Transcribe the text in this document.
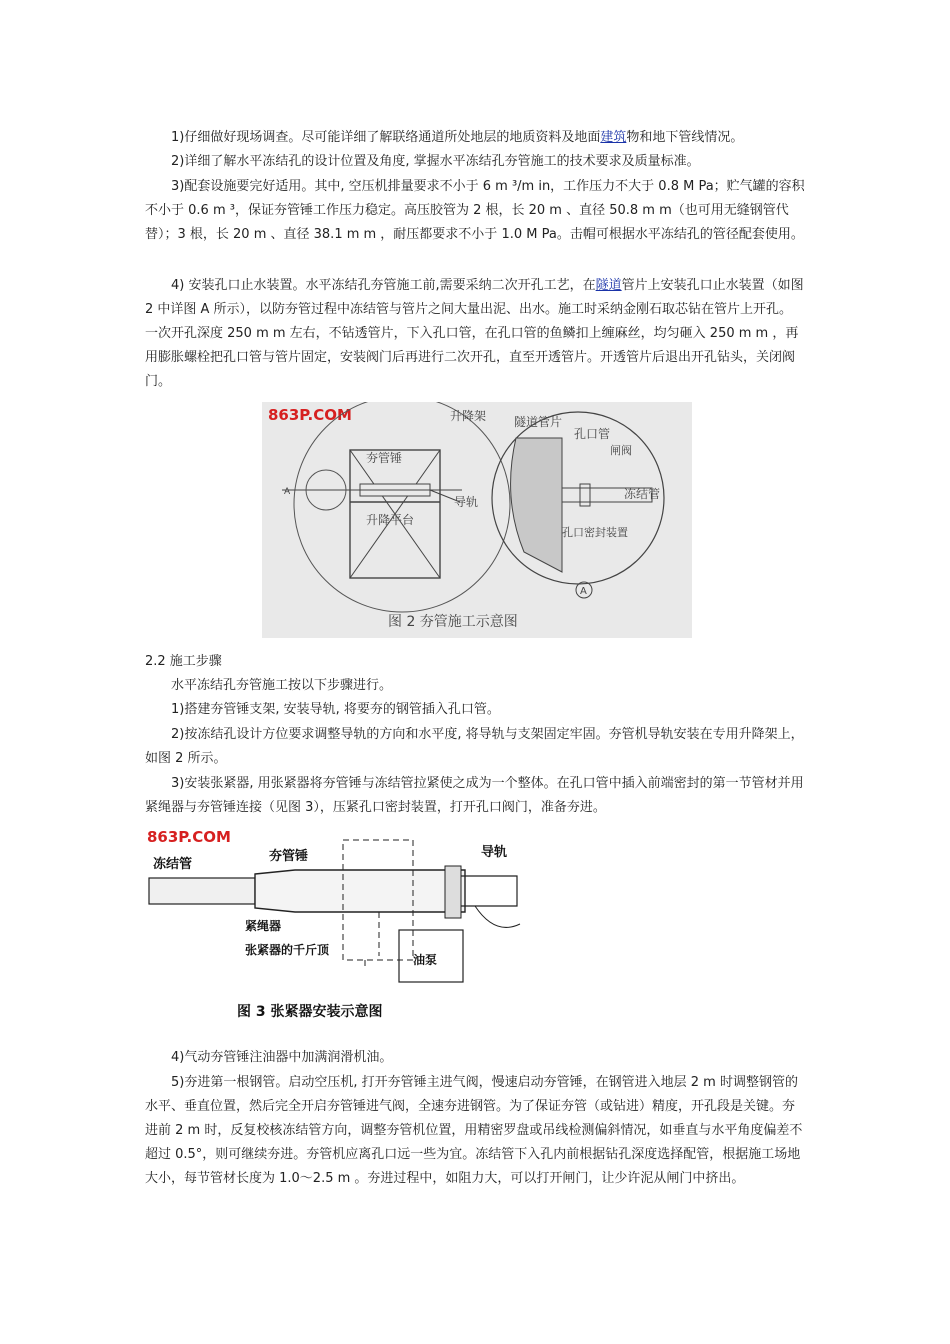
1)仔细做好现场调查。尽可能详细了解联络通道所处地层的地质资料及地面建筑物和地下管线情况。

2)详细了解水平冻结孔的设计位置及角度, 掌握水平冻结孔夯管施工的技术要求及质量标准。

3)配套设施要完好适用。其中, 空压机排量要求不小于 6 m ³/m in，工作压力不大于 0.8 M Pa；贮气罐的容积不小于 0.6 m ³，保证夯管锤工作压力稳定。高压胶管为 2 根，长 20 m 、直径 50.8 m m（也可用无缝钢管代替）；3 根，长 20 m 、直径 38.1 m m ，耐压都要求不小于 1.0 M Pa。击帽可根据水平冻结孔的管径配套使用。

4) 安装孔口止水装置。水平冻结孔夯管施工前,需要采纳二次开孔工艺，在隧道管片上安装孔口止水装置（如图 2 中详图 A 所示），以防夯管过程中冻结管与管片之间大量出泥、出水。施工时采纳金刚石取芯钻在管片上开孔。一次开孔深度 250 m m 左右，不钻透管片，下入孔口管，在孔口管的鱼鳞扣上缠麻丝，均匀砸入 250 m m ，再用膨胀螺栓把孔口管与管片固定，安装阀门后再进行二次开孔，直至开透管片。开透管片后退出开孔钻头，关闭阀门。

863P.COM
A
升降架
夯管锤
导轨
升降平台
隧道管片
孔口管
闸阀
冻结管
孔口密封装置
A
图 2 夯管施工示意图

2.2 施工步骤

水平冻结孔夯管施工按以下步骤进行。

1)搭建夯管锤支架, 安装导轨, 将要夯的钢管插入孔口管。

2)按冻结孔设计方位要求调整导轨的方向和水平度, 将导轨与支架固定牢固。夯管机导轨安装在专用升降架上，如图 2 所示。

3)安装张紧器, 用张紧器将夯管锤与冻结管拉紧使之成为一个整体。在孔口管中插入前端密封的第一节管材并用紧绳器与夯管锤连接（见图 3），压紧孔口密封装置，打开孔口阀门，准备夯进。

863P.COM
冻结管
夯管锤	导轨
紧绳器
张紧器的千斤顶
油泵
图 3 张紧器安装示意图

4)气动夯管锤注油器中加满润滑机油。

5)夯进第一根钢管。启动空压机, 打开夯管锤主进气阀，慢速启动夯管锤，在钢管进入地层 2 m 时调整钢管的水平、垂直位置，然后完全开启夯管锤进气阀，全速夯进钢管。为了保证夯管（或钻进）精度，开孔段是关键。夯进前 2 m 时，反复校核冻结管方向，调整夯管机位置，用精密罗盘或吊线检测偏斜情况，如垂直与水平角度偏差不超过 0.5°，则可继续夯进。夯管机应离孔口远一些为宜。冻结管下入孔内前根据钻孔深度选择配管，根据施工场地大小，每节管材长度为 1.0～2.5 m 。夯进过程中，如阻力大，可以打开闸门，让少许泥从闸门中挤出。
